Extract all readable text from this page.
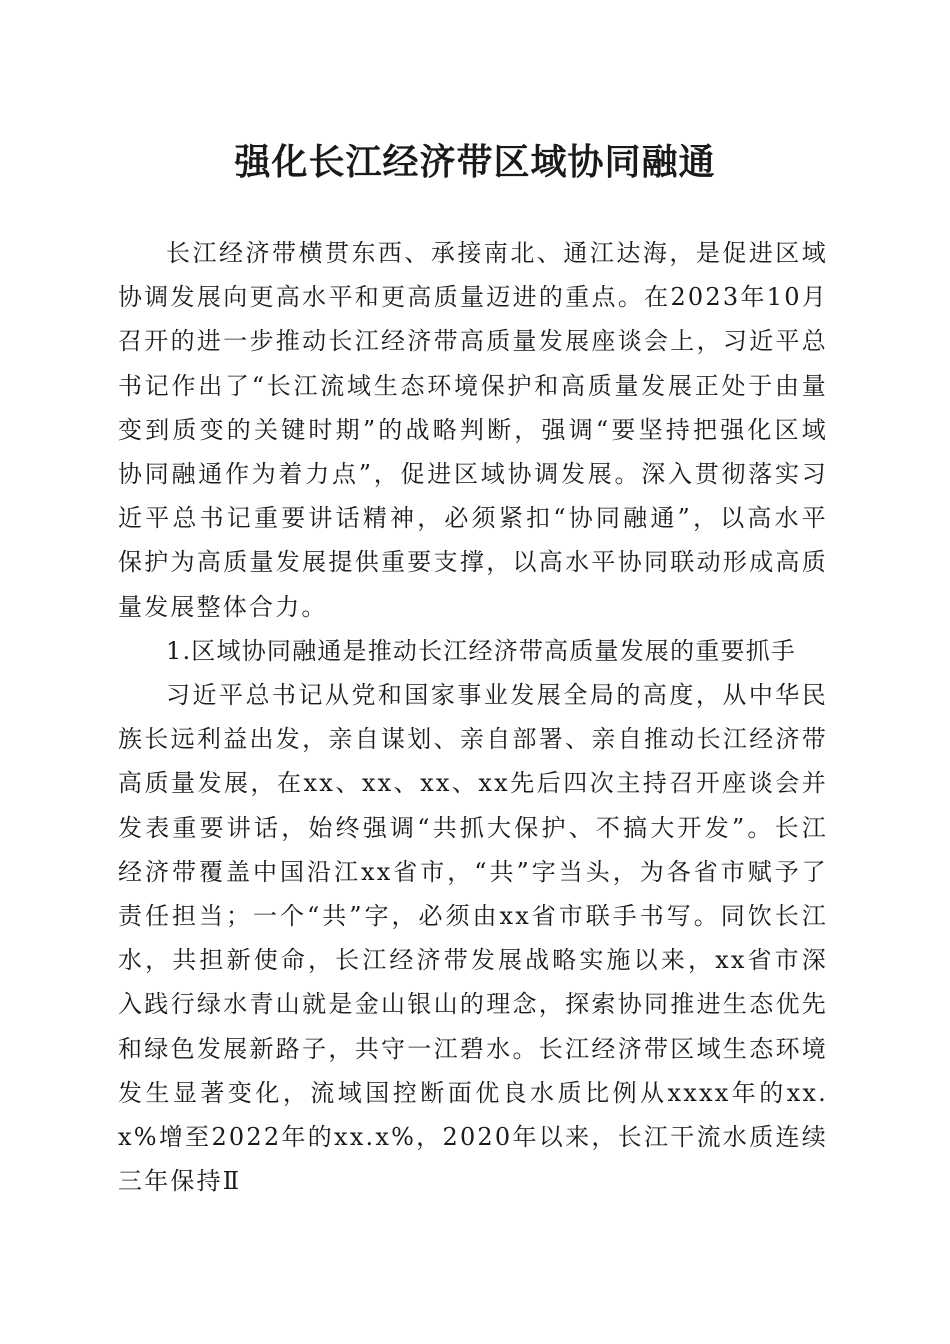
强化长江经济带区域协同融通

长江经济带横贯东西、承接南北、通江达海，是促进区域协调发展向更高水平和更高质量迈进的重点。在2023年10月召开的进一步推动长江经济带高质量发展座谈会上，习近平总书记作出了“长江流域生态环境保护和高质量发展正处于由量变到质变的关键时期”的战略判断，强调“要坚持把强化区域协同融通作为着力点”，促进区域协调发展。深入贯彻落实习近平总书记重要讲话精神，必须紧扣“协同融通”，以高水平保护为高质量发展提供重要支撑，以高水平协同联动形成高质量发展整体合力。

1.区域协同融通是推动长江经济带高质量发展的重要抓手

习近平总书记从党和国家事业发展全局的高度，从中华民族长远利益出发，亲自谋划、亲自部署、亲自推动长江经济带高质量发展，在xx、xx、xx、xx先后四次主持召开座谈会并发表重要讲话，始终强调“共抓大保护、不搞大开发”。长江经济带覆盖中国沿江xx省市，“共”字当头，为各省市赋予了责任担当；一个“共”字，必须由xx省市联手书写。同饮长江水，共担新使命，长江经济带发展战略实施以来，xx省市深入践行绿水青山就是金山银山的理念，探索协同推进生态优先和绿色发展新路子，共守一江碧水。长江经济带区域生态环境发生显著变化，流域国控断面优良水质比例从xxxx年的xx.x%增至2022年的xx.x%，2020年以来，长江干流水质连续三年保持Ⅱ
